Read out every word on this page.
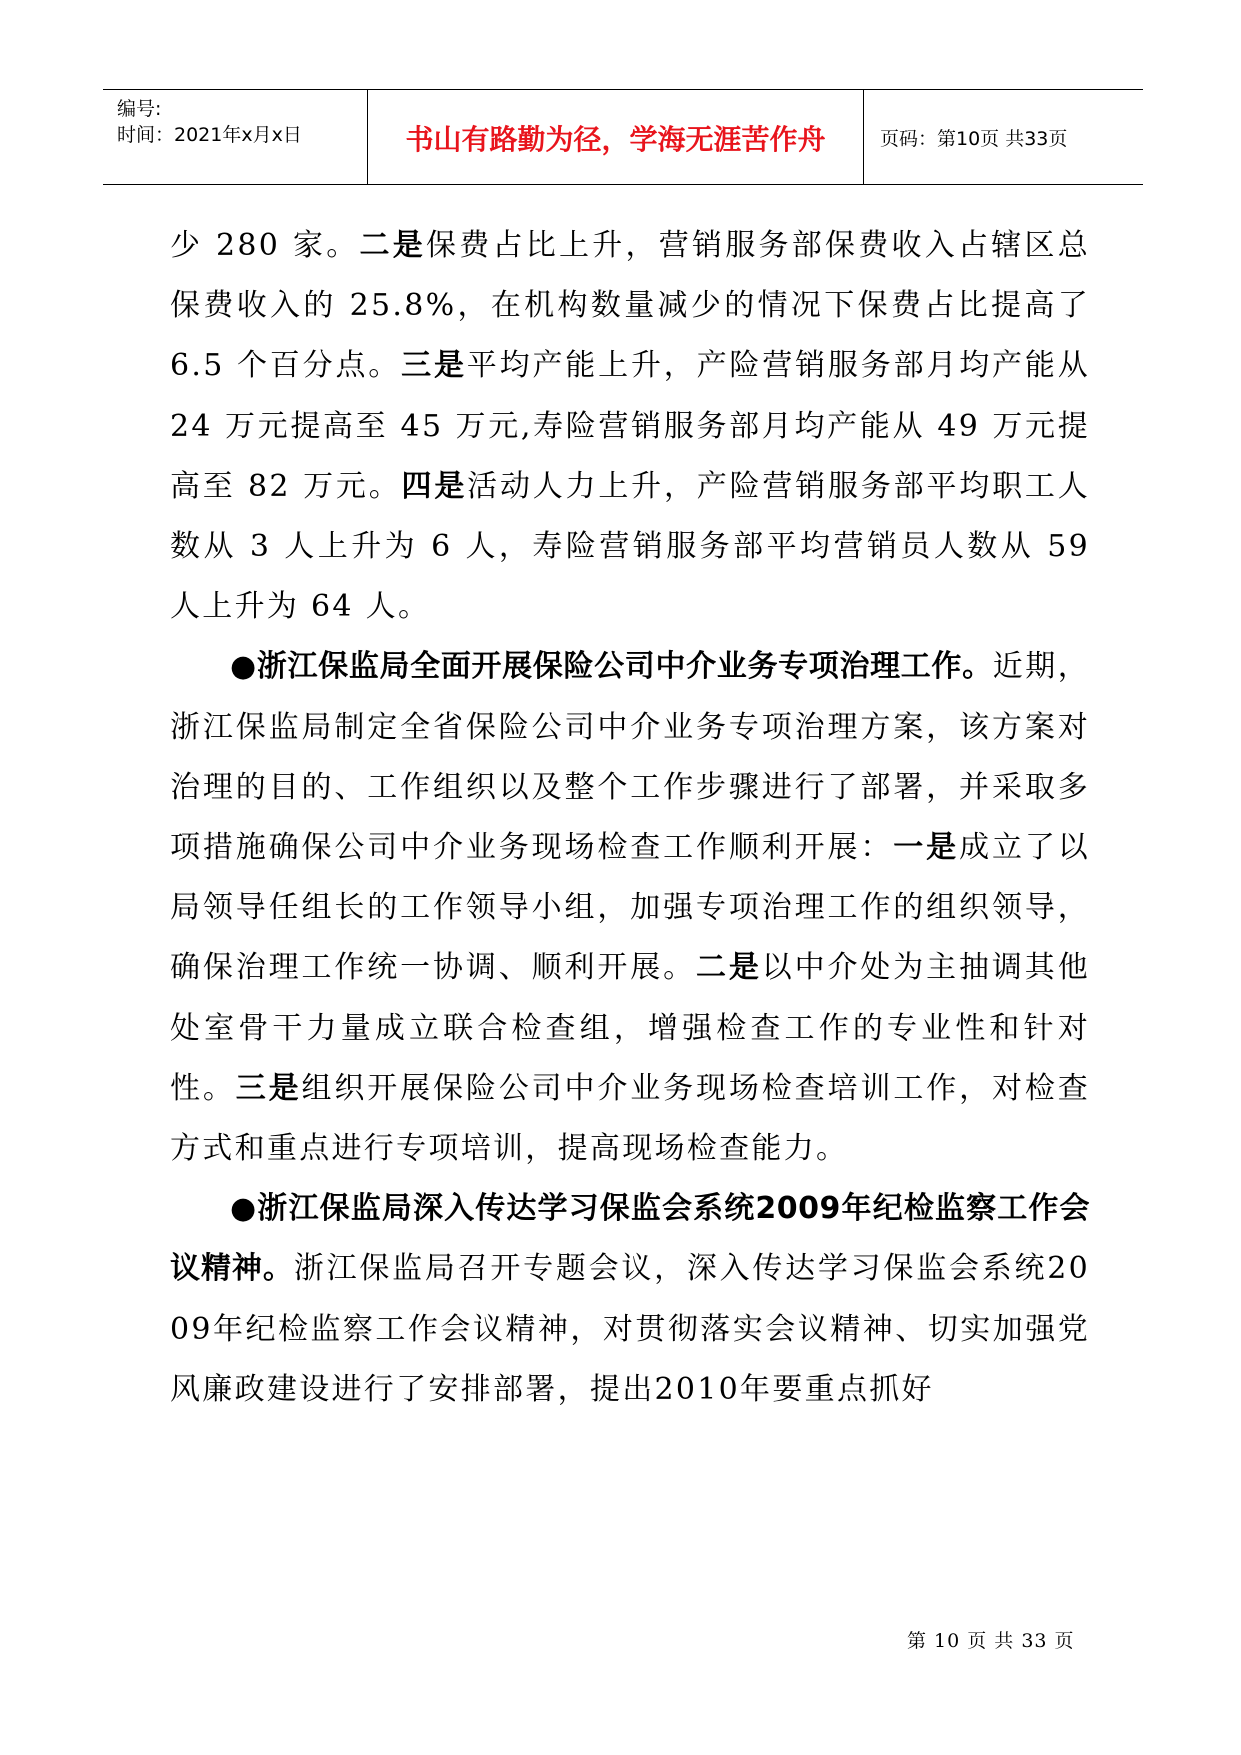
编号:
时间：2021年x月x日	书山有路勤为径，学海无涯苦作舟	页码：第10页 共33页

少 280 家。二是保费占比上升，营销服务部保费收入占辖区总保费收入的 25.8%，在机构数量减少的情况下保费占比提高了 6.5 个百分点。三是平均产能上升，产险营销服务部月均产能从 24 万元提高至 45 万元,寿险营销服务部月均产能从 49 万元提高至 82 万元。四是活动人力上升，产险营销服务部平均职工人数从 3 人上升为 6 人，寿险营销服务部平均营销员人数从 59 人上升为 64 人。

●浙江保监局全面开展保险公司中介业务专项治理工作。近期，浙江保监局制定全省保险公司中介业务专项治理方案，该方案对治理的目的、工作组织以及整个工作步骤进行了部署，并采取多项措施确保公司中介业务现场检查工作顺利开展：一是成立了以局领导任组长的工作领导小组，加强专项治理工作的组织领导，确保治理工作统一协调、顺利开展。二是以中介处为主抽调其他处室骨干力量成立联合检查组，增强检查工作的专业性和针对性。三是组织开展保险公司中介业务现场检查培训工作，对检查方式和重点进行专项培训，提高现场检查能力。

●浙江保监局深入传达学习保监会系统2009年纪检监察工作会议精神。浙江保监局召开专题会议，深入传达学习保监会系统2009年纪检监察工作会议精神，对贯彻落实会议精神、切实加强党风廉政建设进行了安排部署，提出2010年要重点抓好

第 10 页 共 33 页
